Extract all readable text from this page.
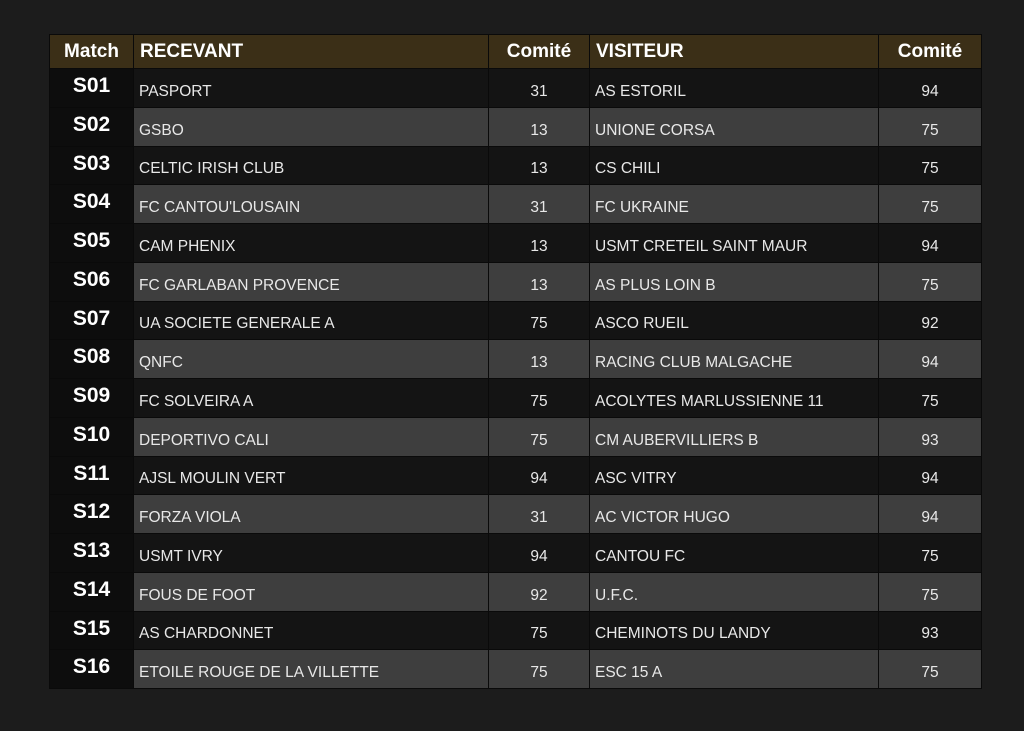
Match	RECEVANT	Comité	VISITEUR	Comité
S01	PASPORT	31	AS ESTORIL	94
S02	GSBO	13	UNIONE CORSA	75
S03	CELTIC IRISH CLUB	13	CS CHILI	75
S04	FC CANTOU'LOUSAIN	31	FC UKRAINE	75
S05	CAM PHENIX	13	USMT CRETEIL SAINT MAUR	94
S06	FC GARLABAN PROVENCE	13	AS PLUS LOIN B	75
S07	UA SOCIETE GENERALE A	75	ASCO RUEIL	92
S08	QNFC	13	RACING CLUB MALGACHE	94
S09	FC SOLVEIRA A	75	ACOLYTES MARLUSSIENNE 11	75
S10	DEPORTIVO CALI	75	CM AUBERVILLIERS B	93
S11	AJSL MOULIN VERT	94	ASC VITRY	94
S12	FORZA VIOLA	31	AC VICTOR HUGO	94
S13	USMT IVRY	94	CANTOU FC	75
S14	FOUS DE FOOT	92	U.F.C.	75
S15	AS CHARDONNET	75	CHEMINOTS DU LANDY	93
S16	ETOILE ROUGE DE LA VILLETTE	75	ESC 15 A	75
